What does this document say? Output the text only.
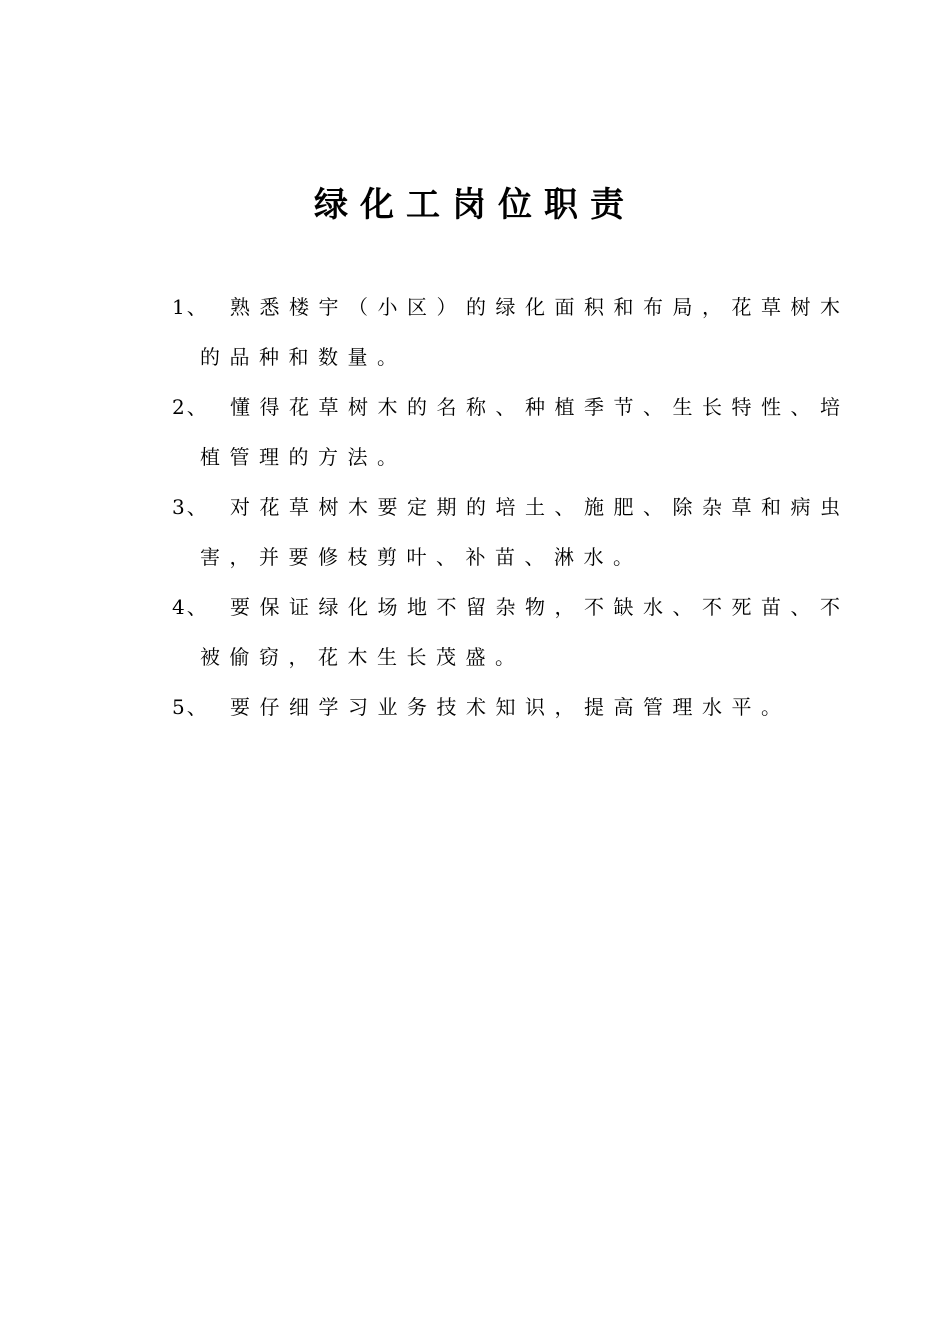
绿化工岗位职责
1、	熟悉楼宇（小区）的绿化面积和布局，花草树木
的品种和数量。
2、	懂得花草树木的名称、种植季节、生长特性、培
植管理的方法。
3、	对花草树木要定期的培土、施肥、除杂草和病虫
害，并要修枝剪叶、补苗、淋水。
4、	要保证绿化场地不留杂物，不缺水、不死苗、不
被偷窃，花木生长茂盛。
5、	要仔细学习业务技术知识，提高管理水平。
